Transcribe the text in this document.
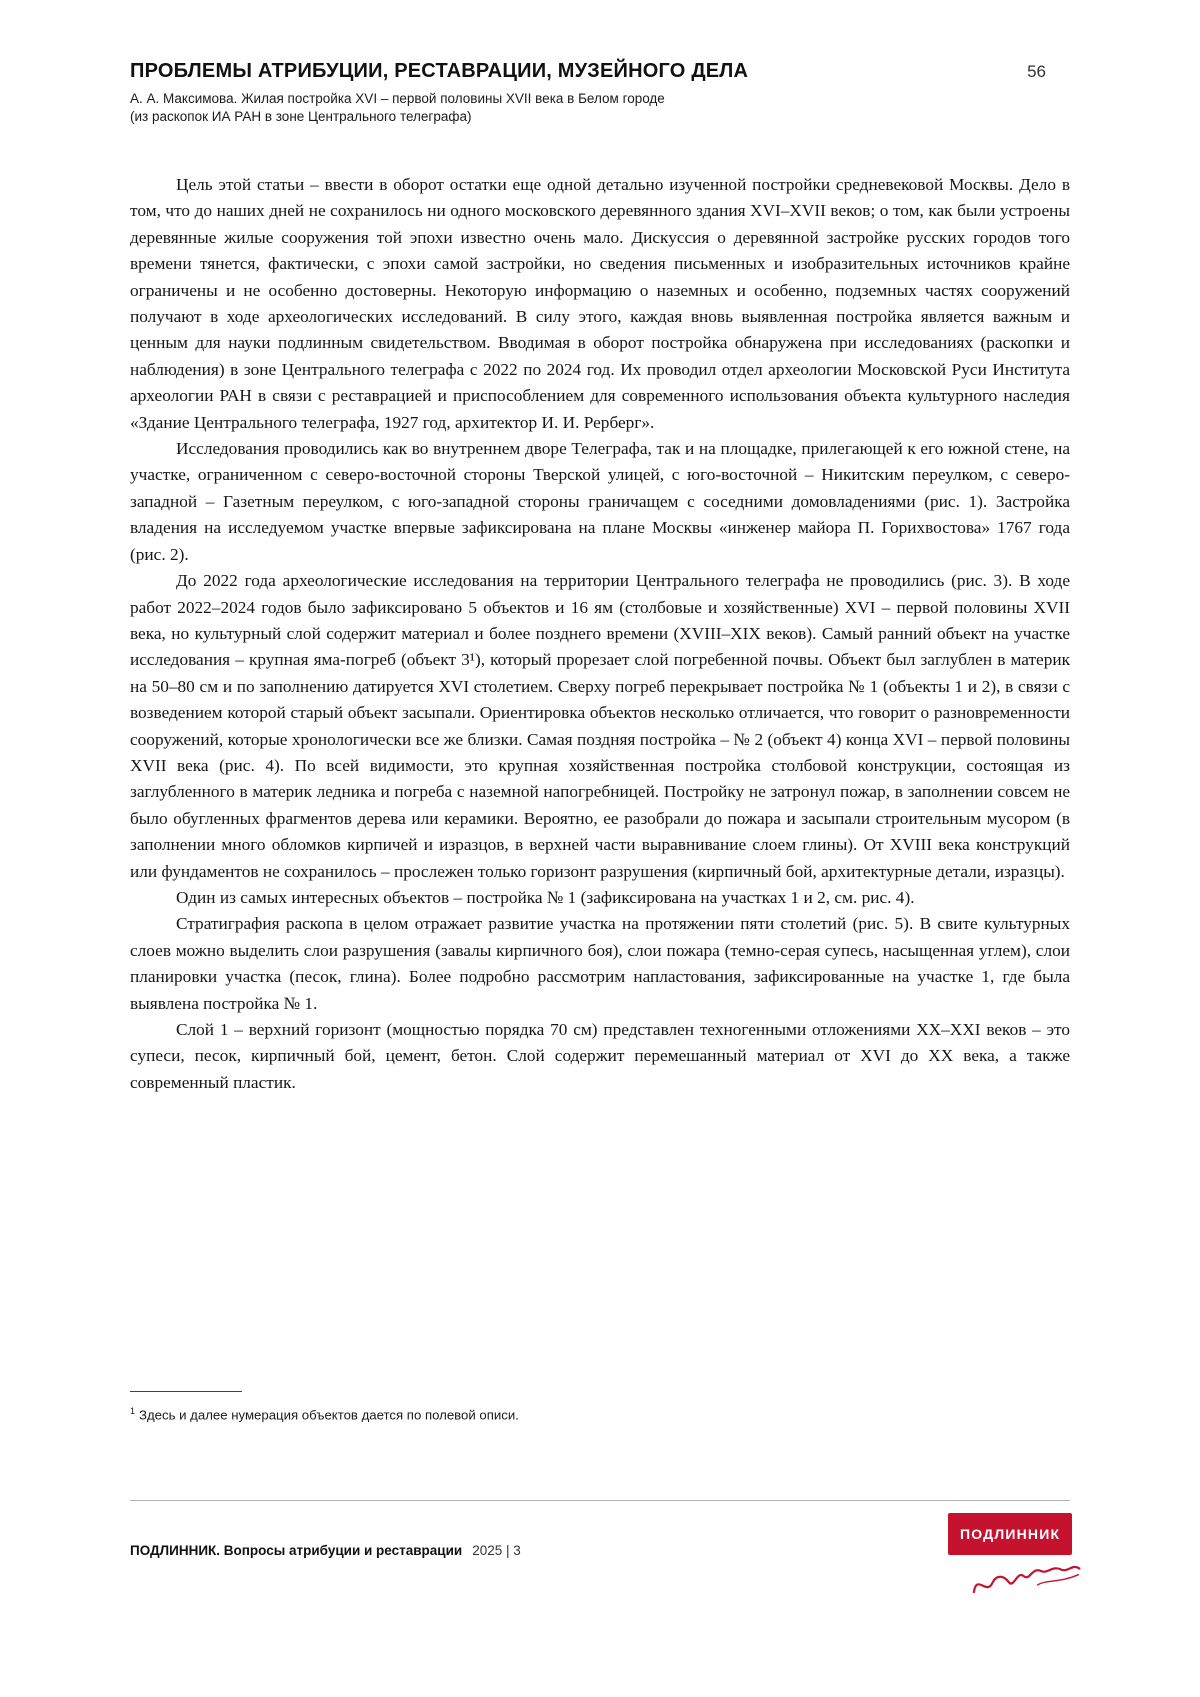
ПРОБЛЕМЫ АТРИБУЦИИ, РЕСТАВРАЦИИ, МУЗЕЙНОГО ДЕЛА	56
А. А. Максимова. Жилая постройка XVI – первой половины XVII века в Белом городе
(из раскопок ИА РАН в зоне Центрального телеграфа)

Цель этой статьи – ввести в оборот остатки еще одной детально изученной постройки средневековой Москвы. Дело в том, что до наших дней не сохранилось ни одного московского деревянного здания XVI–XVII веков; о том, как были устроены деревянные жилые сооружения той эпохи известно очень мало. Дискуссия о деревянной застройке русских городов того времени тянется, фактически, с эпохи самой застройки, но сведения письменных и изобразительных источников крайне ограничены и не особенно достоверны. Некоторую информацию о наземных и особенно, подземных частях сооружений получают в ходе археологических исследований. В силу этого, каждая вновь выявленная постройка является важным и ценным для науки подлинным свидетельством. Вводимая в оборот постройка обнаружена при исследованиях (раскопки и наблюдения) в зоне Центрального телеграфа с 2022 по 2024 год. Их проводил отдел археологии Московской Руси Института археологии РАН в связи с реставрацией и приспособлением для современного использования объекта культурного наследия «Здание Центрального телеграфа, 1927 год, архитектор И. И. Рерберг».

Исследования проводились как во внутреннем дворе Телеграфа, так и на площадке, прилегающей к его южной стене, на участке, ограниченном с северо-восточной стороны Тверской улицей, с юго-восточной – Никитским переулком, с северо-западной – Газетным переулком, с юго-западной стороны граничащем с соседними домовладениями (рис. 1). Застройка владения на исследуемом участке впервые зафиксирована на плане Москвы «инженер майора П. Горихвостова» 1767 года (рис. 2).

До 2022 года археологические исследования на территории Центрального телеграфа не проводились (рис. 3). В ходе работ 2022–2024 годов было зафиксировано 5 объектов и 16 ям (столбовые и хозяйственные) XVI – первой половины XVII века, но культурный слой содержит материал и более позднего времени (XVIII–XIX веков). Самый ранний объект на участке исследования – крупная яма-погреб (объект 3¹), который прорезает слой погребенной почвы. Объект был заглублен в материк на 50–80 см и по заполнению датируется XVI столетием. Сверху погреб перекрывает постройка № 1 (объекты 1 и 2), в связи с возведением которой старый объект засыпали. Ориентировка объектов несколько отличается, что говорит о разновременности сооружений, которые хронологически все же близки. Самая поздняя постройка – № 2 (объект 4) конца XVI – первой половины XVII века (рис. 4). По всей видимости, это крупная хозяйственная постройка столбовой конструкции, состоящая из заглубленного в материк ледника и погреба с наземной напогребницей. Постройку не затронул пожар, в заполнении совсем не было обугленных фрагментов дерева или керамики. Вероятно, ее разобрали до пожара и засыпали строительным мусором (в заполнении много обломков кирпичей и изразцов, в верхней части выравнивание слоем глины). От XVIII века конструкций или фундаментов не сохранилось – прослежен только горизонт разрушения (кирпичный бой, архитектурные детали, изразцы).

Один из самых интересных объектов – постройка № 1 (зафиксирована на участках 1 и 2, см. рис. 4).

Стратиграфия раскопа в целом отражает развитие участка на протяжении пяти столетий (рис. 5). В свите культурных слоев можно выделить слои разрушения (завалы кирпичного боя), слои пожара (темно-серая супесь, насыщенная углем), слои планировки участка (песок, глина). Более подробно рассмотрим напластования, зафиксированные на участке 1, где была выявлена постройка № 1.

Слой 1 – верхний горизонт (мощностью порядка 70 см) представлен техногенными отложениями XX–XXI веков – это супеси, песок, кирпичный бой, цемент, бетон. Слой содержит перемешанный материал от XVI до XX века, а также современный пластик.

$^1$ Здесь и далее нумерация объектов дается по полевой описи.
ПОДЛИННИК. Вопросы атрибуции и реставрации 2025 | 3
ПОДЛИННИК
